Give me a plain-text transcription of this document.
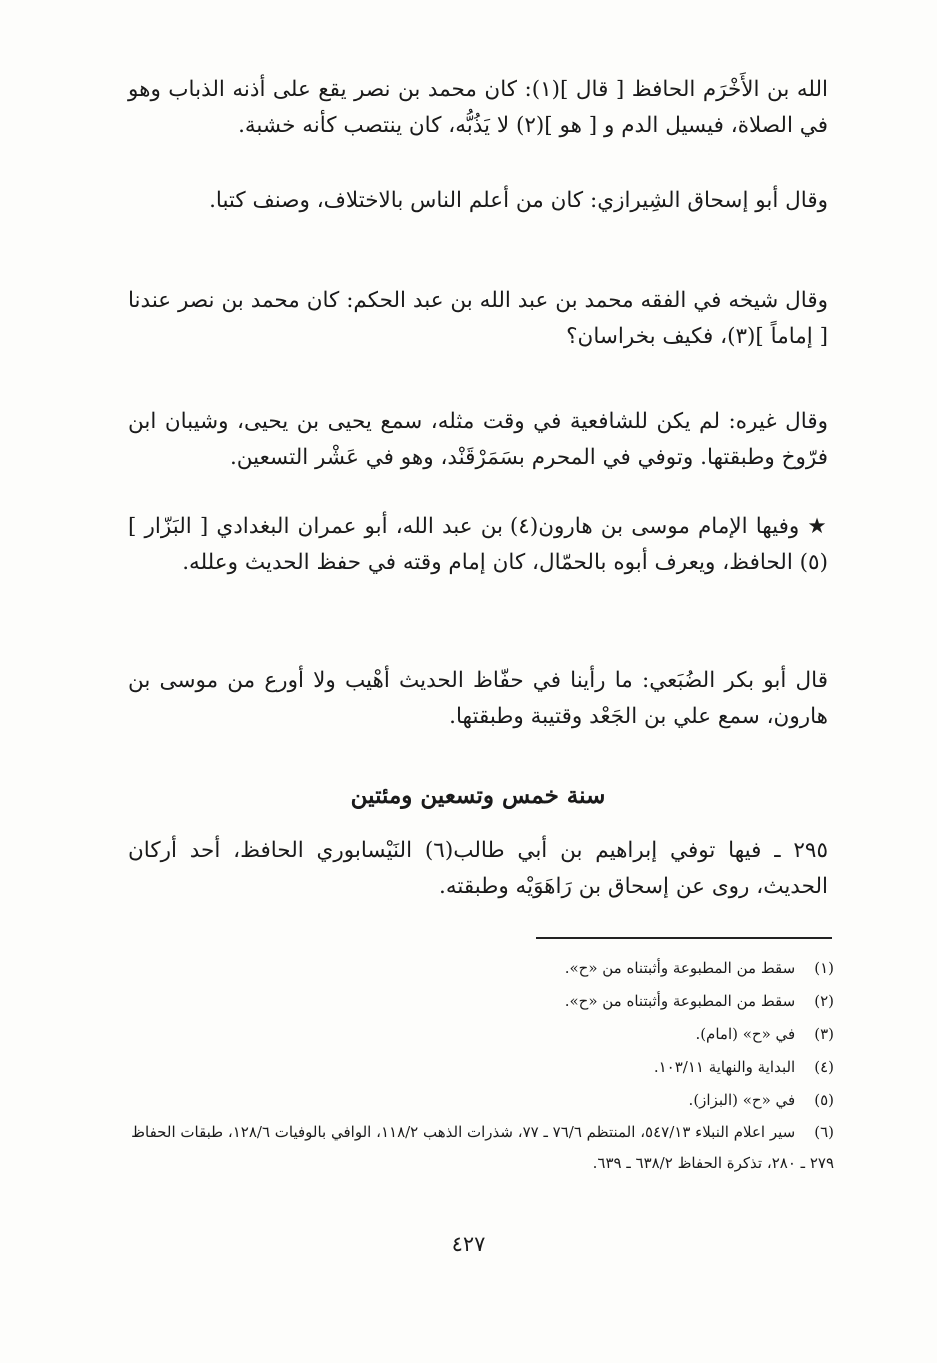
الله بن الأَخْرَم الحافظ [ قال ](١): كان محمد بن نصر يقع على أذنه الذباب وهو في الصلاة، فيسيل الدم و [ هو ](٢) لا يَذُبُّه، كان ينتصب كأنه خشبة.

وقال أبو إسحاق الشِيرازي: كان من أعلم الناس بالاختلاف، وصنف كتبا.

وقال شيخه في الفقه محمد بن عبد الله بن عبد الحكم: كان محمد بن نصر عندنا [ إماماً ](٣)، فكيف بخراسان؟

وقال غيره: لم يكن للشافعية في وقت مثله، سمع يحيى بن يحيى، وشيبان ابن فرّوخ وطبقتها. وتوفي في المحرم بسَمَرْقَنْد، وهو في عَشْر التسعين.

★ وفيها الإمام موسى بن هارون(٤) بن عبد الله، أبو عمران البغدادي [ البَزّار ](٥) الحافظ، ويعرف أبوه بالحمّال، كان إمام وقته في حفظ الحديث وعلله.

قال أبو بكر الضُبَعي: ما رأينا في حفّاظ الحديث أهْيب ولا أورع من موسى بن هارون، سمع علي بن الجَعْد وقتيبة وطبقتها.

سنة خمس وتسعين ومئتين

٢٩٥ ـ فيها توفي إبراهيم بن أبي طالب(٦) النَيْسابوري الحافظ، أحد أركان الحديث، روى عن إسحاق بن رَاهَوَيْه وطبقته.

(١) سقط من المطبوعة وأثبتناه من «ح».

(٢) سقط من المطبوعة وأثبتناه من «ح».

(٣) في «ح» (امام).

(٤) البداية والنهاية ١٠٣/١١.

(٥) في «ح» (البزاز).

(٦) سير اعلام النبلاء ٥٤٧/١٣، المنتظم ٧٦/٦ ـ ٧٧، شذرات الذهب ١١٨/٢، الوافي بالوفيات ١٢٨/٦، طبقات الحفاظ ٢٧٩ ـ ٢٨٠، تذكرة الحفاظ ٦٣٨/٢ ـ ٦٣٩.

٤٢٧
